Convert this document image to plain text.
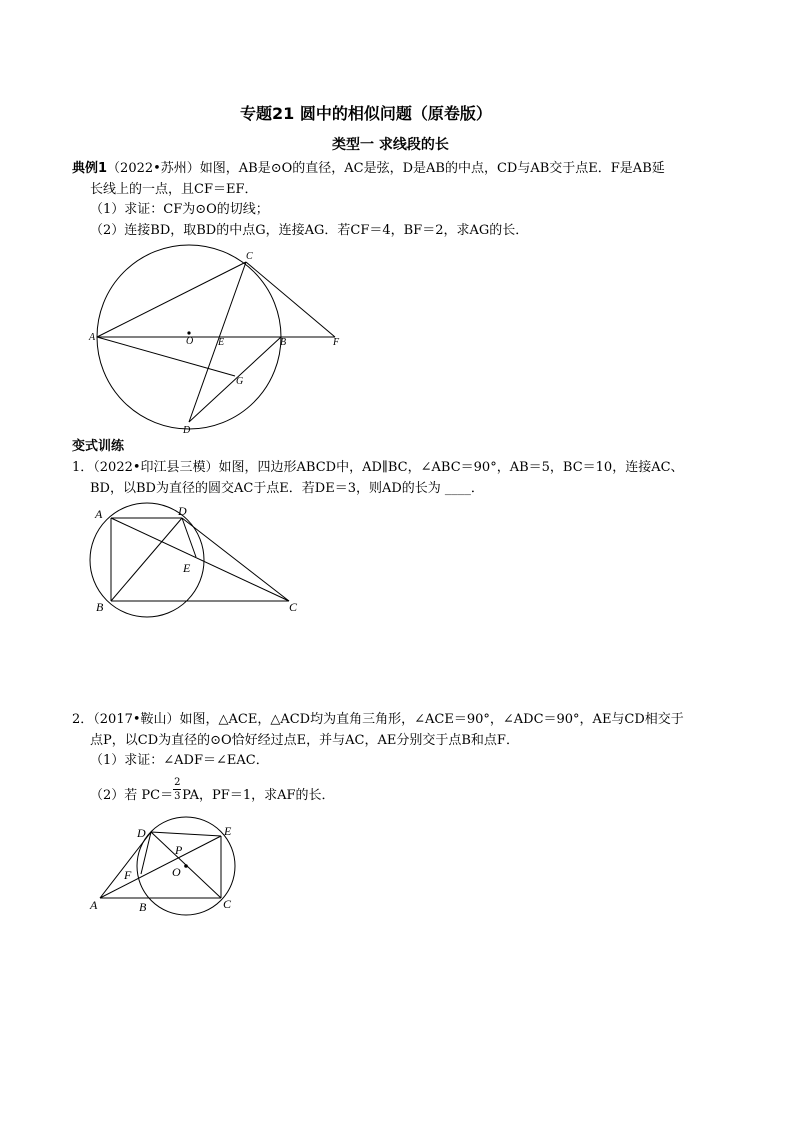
专题21 圆中的相似问题（原卷版）
类型一 求线段的长
典例1（2022•苏州）如图，AB是⊙O的直径，AC是弦，D是AB的中点，CD与AB交于点E．F是AB延
长线上的一点，且CF＝EF．
（1）求证：CF为⊙O的切线；
（2）连接BD，取BD的中点G，连接AG．若CF＝4，BF＝2，求AG的长．
A	O E	B	F
C
G
D
变式训练
1．（2022•印江县三模）如图，四边形ABCD中，AD∥BC，∠ABC＝90°，AB＝5，BC＝10，连接AC、
BD，以BD为直径的圆交AC于点E．若DE＝3，则AD的长为 ____．
A	D
E
B	C
2．（2017•鞍山）如图，△ACE，△ACD均为直角三角形，∠ACE＝90°，∠ADC＝90°，AE与CD相交于
点P，以CD为直径的⊙O恰好经过点E，并与AC，AE分别交于点B和点F．
（1）求证：∠ADF＝∠EAC．
（2）若 $PC= \frac{2}{3}$ PA，PF＝1，求AF的长．
D	E
P
O
F
A	B	C
